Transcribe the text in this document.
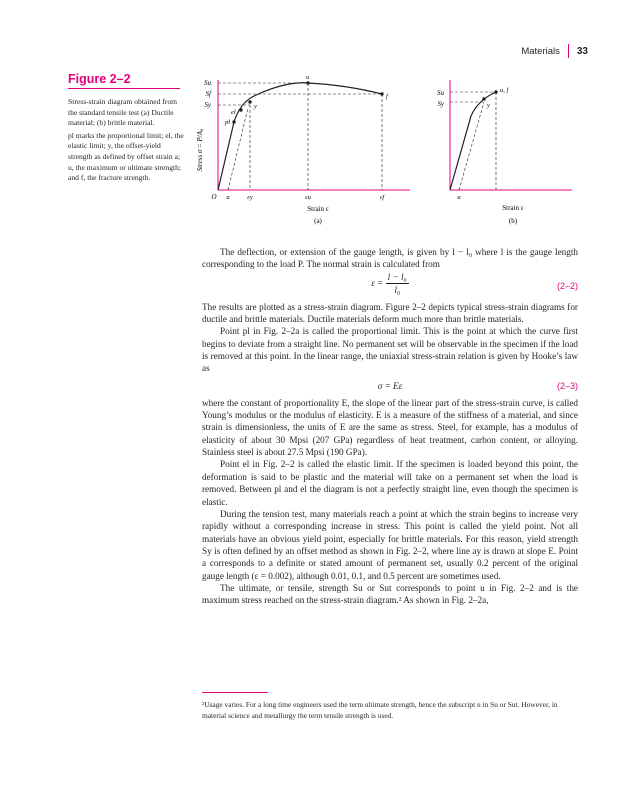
Materials 33
Figure 2–2

Stress-strain diagram obtained from the standard tensile test (a) Ductile material; (b) brittle material.

pl marks the proportional limit; el, the elastic limit; y, the offset-yield strength as defined by offset strain a; u, the maximum or ultimate strength; and f, the fracture strength.

Stress σ = P/A₀
Su
Sf
Sy
pl
el
y
u
f
O a	εy	εu	εf
Strain ε
(a)
Su
Sy
u, f
y
a
Strain ε
(b)

The deflection, or extension of the gauge length, is given by l − l₀ where l is the gauge length corresponding to the load P. The normal strain is calculated from

$\varepsilon = \frac{\text{l − l₀}}{\text{l₀}}$	(2–2)

The results are plotted as a stress-strain diagram. Figure 2–2 depicts typical stress-strain diagrams for ductile and brittle materials. Ductile materials deform much more than brittle materials.

Point pl in Fig. 2–2a is called the proportional limit. This is the point at which the curve first begins to deviate from a straight line. No permanent set will be observable in the specimen if the load is removed at this point. In the linear range, the uniaxial stress-strain relation is given by Hooke’s law as

σ = Eε	(2–3)

where the constant of proportionality E, the slope of the linear part of the stress-strain curve, is called Young’s modulus or the modulus of elasticity. E is a measure of the stiffness of a material, and since strain is dimensionless, the units of E are the same as stress. Steel, for example, has a modulus of elasticity of about 30 Mpsi (207 GPa) regardless of heat treatment, carbon content, or alloying. Stainless steel is about 27.5 Mpsi (190 GPa).

Point el in Fig. 2–2 is called the elastic limit. If the specimen is loaded beyond this point, the deformation is said to be plastic and the material will take on a permanent set when the load is removed. Between pl and el the diagram is not a perfectly straight line, even though the specimen is elastic.

During the tension test, many materials reach a point at which the strain begins to increase very rapidly without a corresponding increase in stress. This point is called the yield point. Not all materials have an obvious yield point, especially for brittle materials. For this reason, yield strength Sy is often defined by an offset method as shown in Fig. 2–2, where line ay is drawn at slope E. Point a corresponds to a definite or stated amount of permanent set, usually 0.2 percent of the original gauge length (ε = 0.002), although 0.01, 0.1, and 0.5 percent are sometimes used.

The ultimate, or tensile, strength Su or Sut corresponds to point u in Fig. 2–2 and is the maximum stress reached on the stress-strain diagram.² As shown in Fig. 2–2a,

²Usage varies. For a long time engineers used the term ultimate strength, hence the subscript u in Su or Sut. However, in material science and metallurgy the term tensile strength is used.
